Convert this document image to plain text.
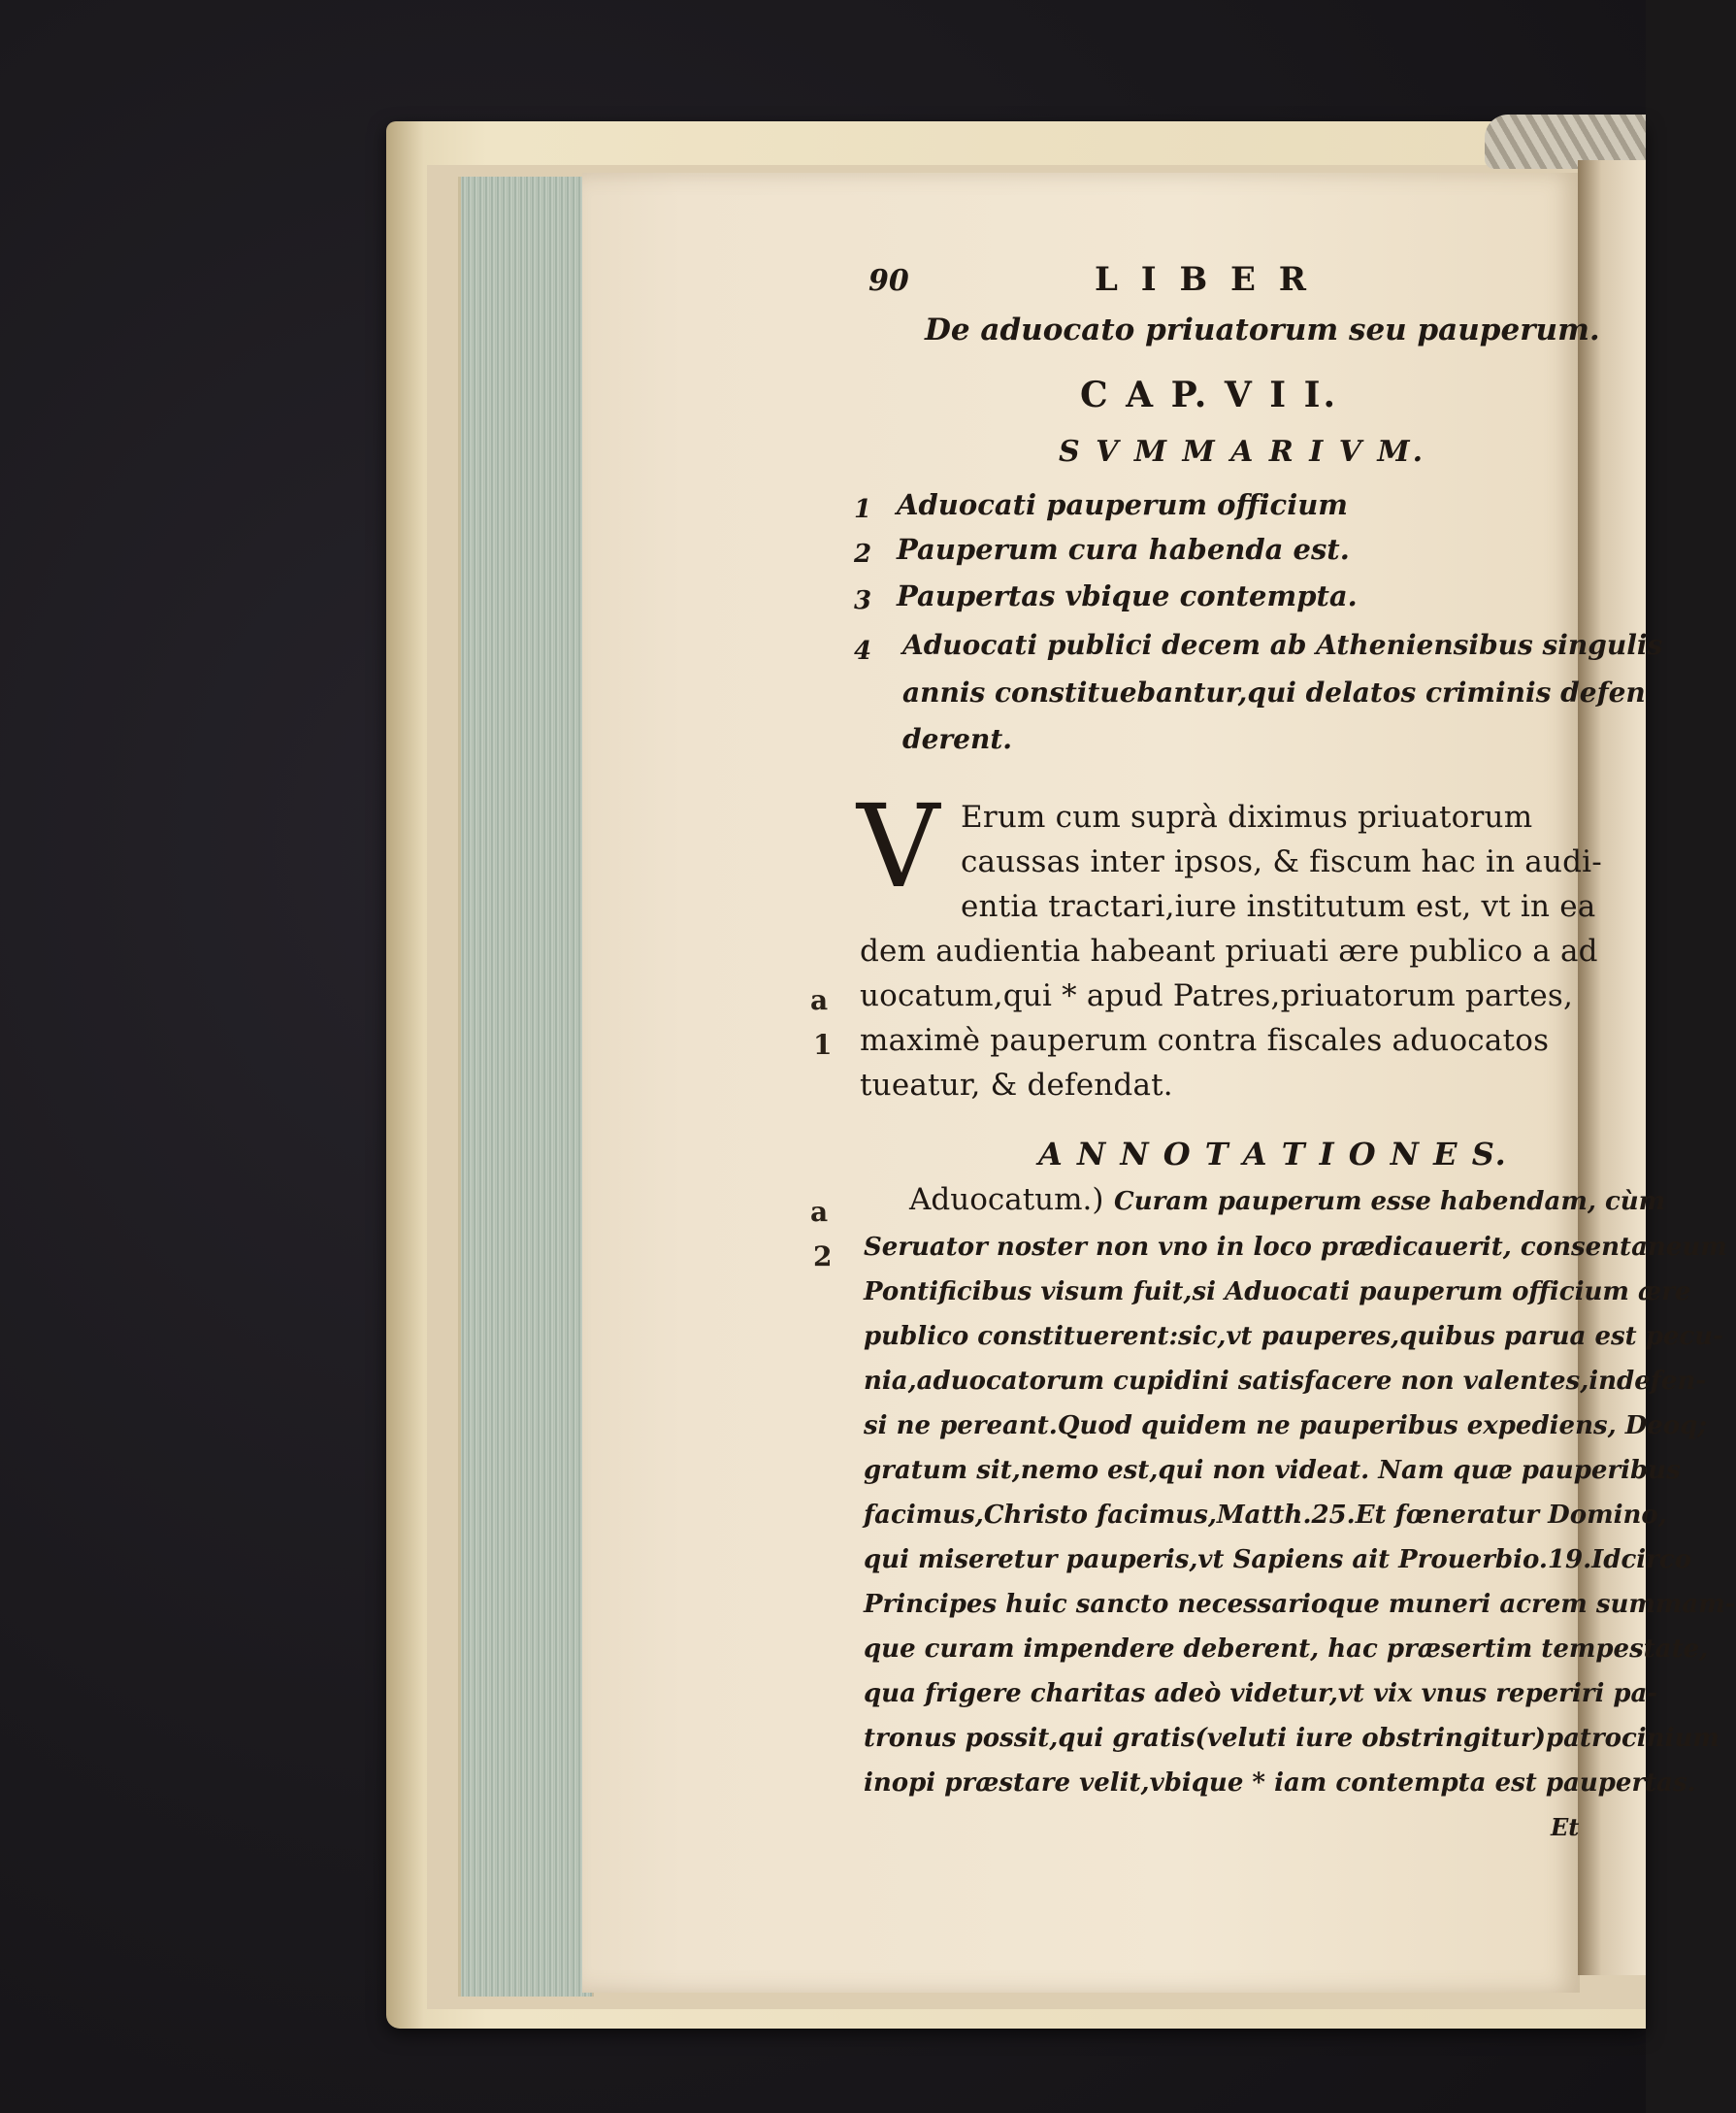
90	L I B E R
De aduocato priuatorum seu pauperum.
C A P. V I I.
S V M M A R I V M.
1 Aduocati pauperum officium
2 Pauperum cura habenda est.
3 Paupertas vbique contempta.
4 Aduocati publici decem ab Atheniensibus singulis
annis constituebantur,qui delatos criminis defen
derent.
V Erum cum suprà diximus priuatorum
caussas inter ipsos, & fiscum hac in audi-
entia tractari,iure institutum est, vt in ea
dem audientia habeant priuati ære publico a ad
uocatum,qui * apud Patres,priuatorum partes,
maximè pauperum contra fiscales aduocatos
tueatur, & defendat.
a
1
A N N O T A T I O N E S.
Aduocatum.) Curam pauperum esse habendam, cùm
Seruator noster non vno in loco prædicauerit, consentaneum
Pontificibus visum fuit,si Aduocati pauperum officium ære
publico constituerent:sic,vt pauperes,quibus parua est pecu-
nia,aduocatorum cupidini satisfacere non valentes,indefen-
si ne pereant.Quod quidem ne pauperibus expediens, Deoq;
gratum sit,nemo est,qui non videat. Nam quæ pauperibus
facimus,Christo facimus,Matth.25.Et fœneratur Domino,
qui miseretur pauperis,vt Sapiens ait Prouerbio.19.Idcirco
Principes huic sancto necessarioque muneri acrem summam-
que curam impendere deberent, hac præsertim tempestate,
qua frigere charitas adeò videtur,vt vix vnus reperiri pa-
tronus possit,qui gratis(veluti iure obstringitur)patrocinium
inopi præstare velit,vbique * iam contempta est paupertas.
Et
a
2
